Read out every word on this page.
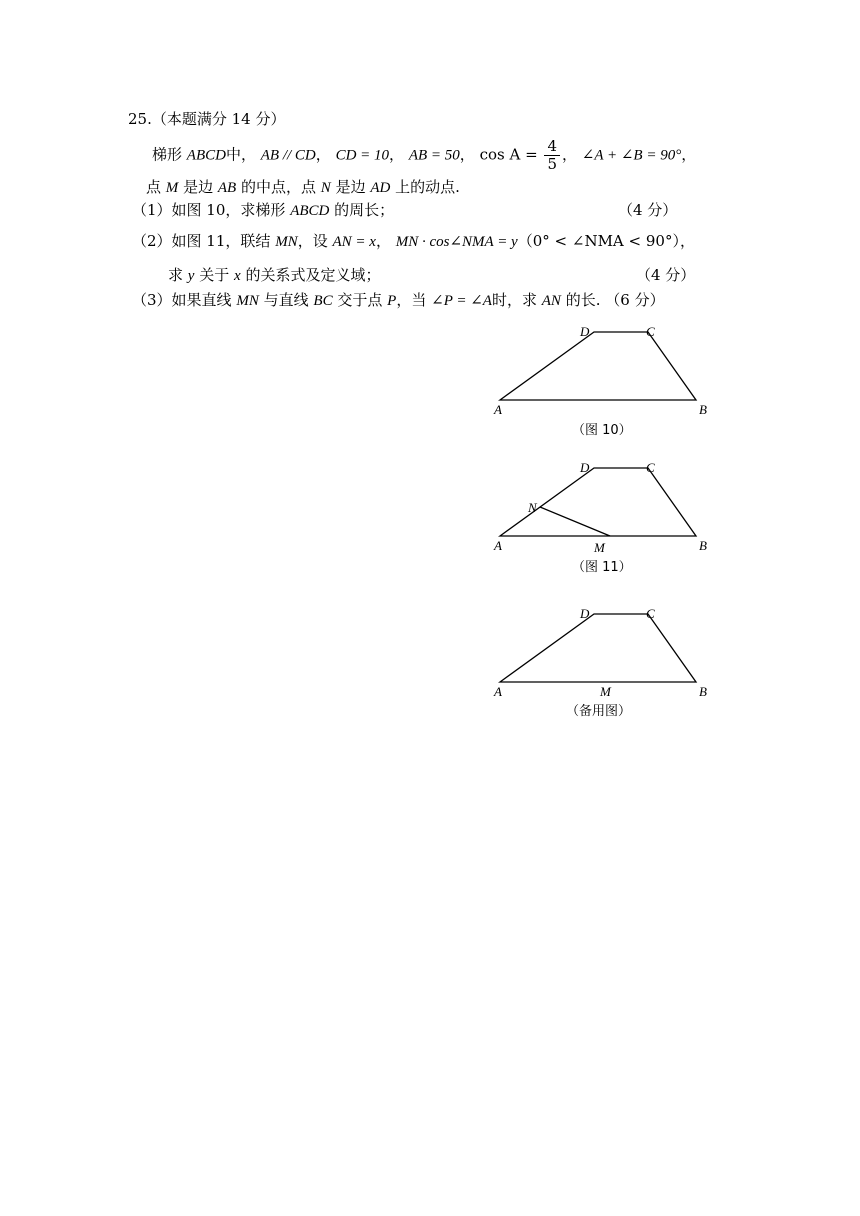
25.（本题满分 14 分）
梯形 ABCD中， AB // CD， CD = 10， AB = 50， $\cos A = \frac{4}{5}$ ， ∠A + ∠B = 90°，
点 M 是边 AB 的中点，点 N 是边 AD 上的动点.
（1）如图 10，求梯形 ABCD 的周长；	（4 分）
（2）如图 11，联结 MN，设 AN = x， MN · cos∠NMA = y（0° < ∠NMA < 90°），
求 y 关于 x 的关系式及定义域；	（4 分）
（3）如果直线 MN 与直线 BC 交于点 P，当 ∠P = ∠A时，求 AN 的长. （6 分）
A	B
C
D
（图 10）
A	B
C
D
N
M
（图 11）
A	B
C
D
M
（备用图）
